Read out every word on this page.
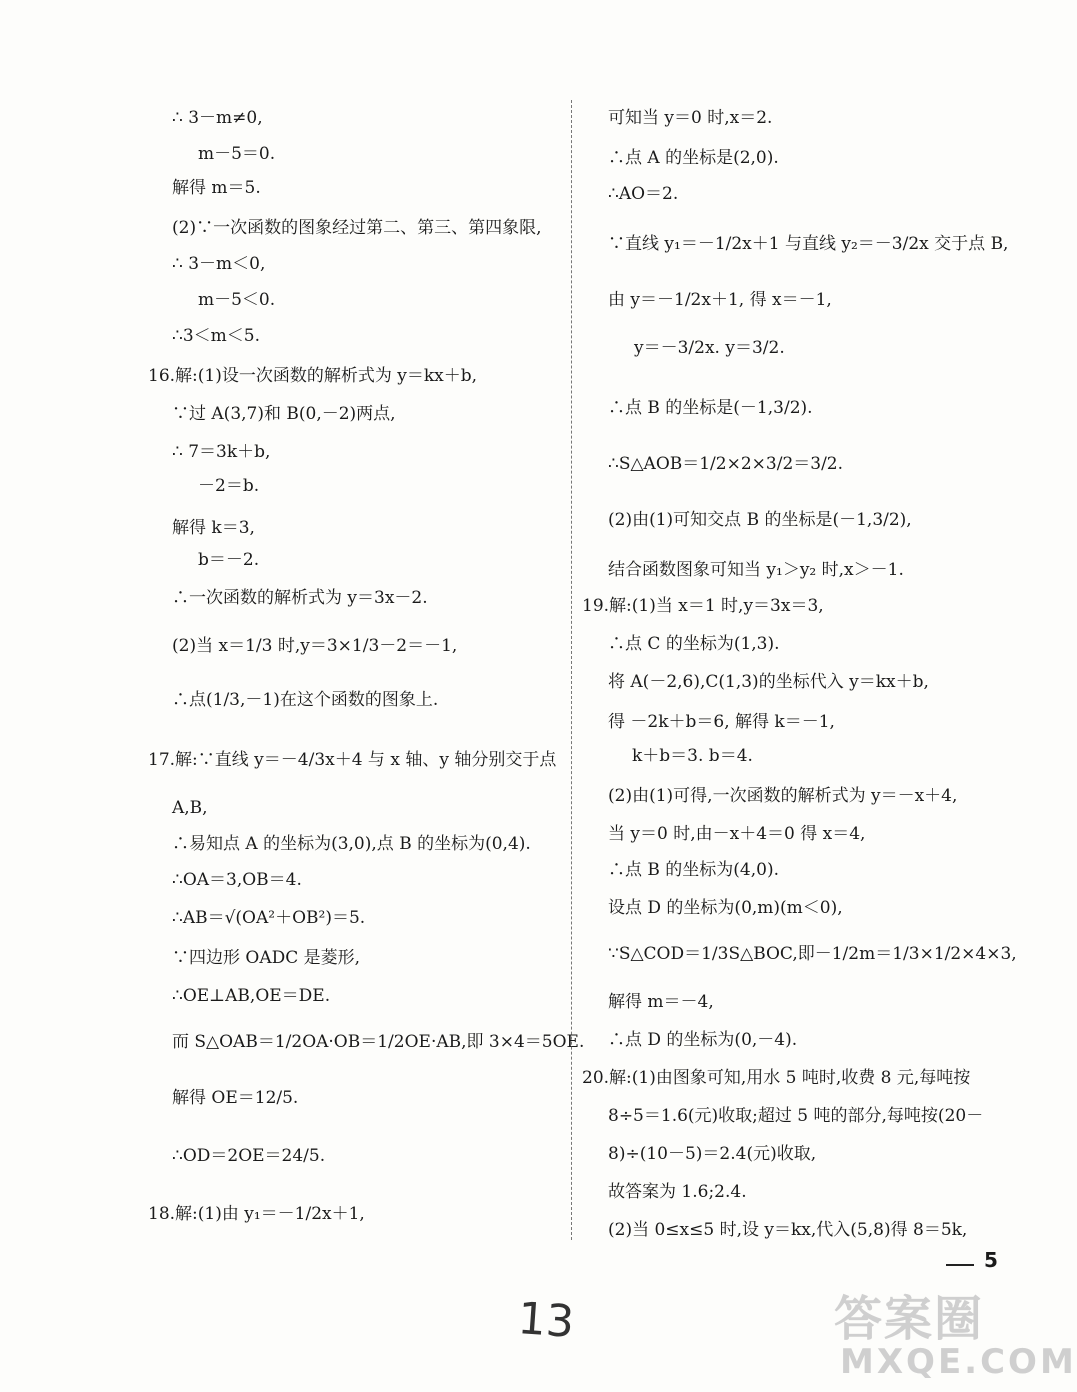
∴ 3－m≠0,
m－5＝0.
解得 m＝5.
(2)∵一次函数的图象经过第二、第三、第四象限,
∴ 3－m＜0,
m－5＜0.
∴3＜m＜5.
16.解:(1)设一次函数的解析式为 y＝kx＋b,
∵过 A(3,7)和 B(0,－2)两点,
∴ 7＝3k＋b,
－2＝b.
解得 k＝3,
b＝－2.
∴一次函数的解析式为 y＝3x－2.
(2)当 x＝1/3 时,y＝3×1/3－2＝－1,
∴点(1/3,－1)在这个函数的图象上.
17.解:∵直线 y＝－4/3x＋4 与 x 轴、y 轴分别交于点
A,B,
∴易知点 A 的坐标为(3,0),点 B 的坐标为(0,4).
∴OA＝3,OB＝4.
∴AB＝√(OA²＋OB²)＝5.
∵四边形 OADC 是菱形,
∴OE⊥AB,OE＝DE.
而 S△OAB＝1/2OA·OB＝1/2OE·AB,即 3×4＝5OE.
解得 OE＝12/5.
∴OD＝2OE＝24/5.
18.解:(1)由 y₁＝－1/2x＋1,
可知当 y＝0 时,x＝2.
∴点 A 的坐标是(2,0).
∴AO＝2.
∵直线 y₁＝－1/2x＋1 与直线 y₂＝－3/2x 交于点 B,
由 y＝－1/2x＋1, 得 x＝－1,
y＝－3/2x. y＝3/2.
∴点 B 的坐标是(－1,3/2).
∴S△AOB＝1/2×2×3/2＝3/2.
(2)由(1)可知交点 B 的坐标是(－1,3/2),
结合函数图象可知当 y₁＞y₂ 时,x＞－1.
19.解:(1)当 x＝1 时,y＝3x＝3,
∴点 C 的坐标为(1,3).
将 A(－2,6),C(1,3)的坐标代入 y＝kx＋b,
得 －2k＋b＝6, 解得 k＝－1,
k＋b＝3. b＝4.
(2)由(1)可得,一次函数的解析式为 y＝－x＋4,
当 y＝0 时,由－x＋4＝0 得 x＝4,
∴点 B 的坐标为(4,0).
设点 D 的坐标为(0,m)(m＜0),
∵S△COD＝1/3S△BOC,即－1/2m＝1/3×1/2×4×3,
解得 m＝－4,
∴点 D 的坐标为(0,－4).
20.解:(1)由图象可知,用水 5 吨时,收费 8 元,每吨按
8÷5＝1.6(元)收取;超过 5 吨的部分,每吨按(20－
8)÷(10－5)＝2.4(元)收取,
故答案为 1.6;2.4.
(2)当 0≤x≤5 时,设 y＝kx,代入(5,8)得 8＝5k,
5
13	答案圈
MXQE.COM
